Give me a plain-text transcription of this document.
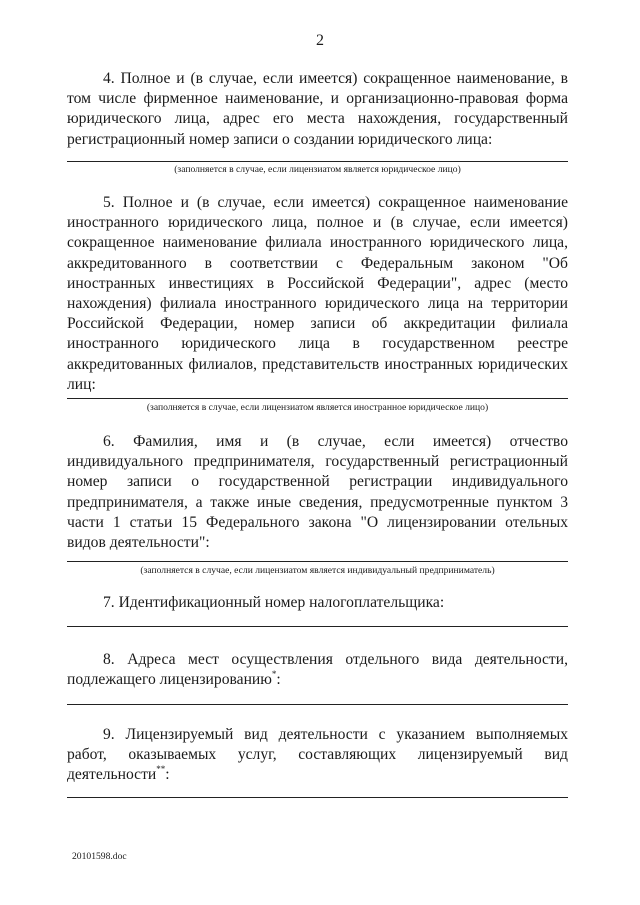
2

4. Полное и (в случае, если имеется) сокращенное наименование, в том числе фирменное наименование, и организационно-правовая форма юридического лица, адрес его места нахождения, государственный регистрационный номер записи о создании юридического лица:

(заполняется в случае, если лицензиатом является юридическое лицо)

5. Полное и (в случае, если имеется) сокращенное наименование иностранного юридического лица, полное и (в случае, если имеется) сокращенное наименование филиала иностранного юридического лица, аккредитованного в соответствии с Федеральным законом "Об иностранных инвестициях в Российской Федерации", адрес (место нахождения) филиала иностранного юридического лица на территории Российской Федерации, номер записи об аккредитации филиала иностранного юридического лица в государственном реестре аккредитованных филиалов, представительств иностранных юридических лиц:

(заполняется в случае, если лицензиатом является иностранное юридическое лицо)

6. Фамилия, имя и (в случае, если имеется) отчество индивидуального предпринимателя, государственный регистрационный номер записи о государственной регистрации индивидуального предпринимателя, а также иные сведения, предусмотренные пунктом 3 части 1 статьи 15 Федерального закона "О лицензировании отельных видов деятельности":

(заполняется в случае, если лицензиатом является индивидуальный предприниматель)

7. Идентификационный номер налогоплательщика:

8. Адреса мест осуществления отдельного вида деятельности, подлежащего лицензированию*:

9. Лицензируемый вид деятельности с указанием выполняемых работ, оказываемых услуг, составляющих лицензируемый вид деятельности**:

20101598.doc
